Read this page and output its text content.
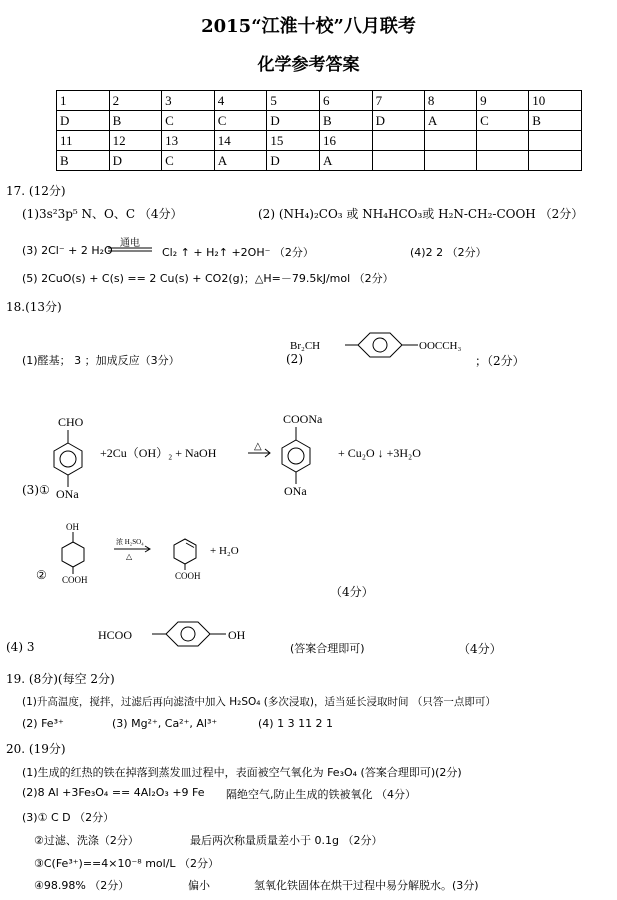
2015“江淮十校”八月联考
化学参考答案
1	2	3	4	5	6	7	8	9	10
D	B	C	C	D	B	D	A	C	B
11	12	13	14	15	16				
B	D	C	A	D	A				
17. (12分)
(1)3s²3p⁵ N、O、C （4分）	(2) (NH₄)₂CO₃ 或 NH₄HCO₃或 H₂N-CH₂-COOH （2分）
(3) 2Cl⁻ + 2 H₂O
通电
Cl₂ ↑ + H₂↑ +2OH⁻ （2分）	(4)2 2 （2分）
(5) 2CuO(s) + C(s) == 2 Cu(s) + CO2(g)；△H=－79.5kJ/mol （2分）
18.(13分)
(1)醛基； 3 ；加成反应（3分）	(2)
Br₂CH	OOCCH₃
CHO
ONa
+2Cu（OH）₂ + NaOH	△
COONa
ONa
+ Cu₂O ↓ +3H₂O
OH
COOH
浓 H₂SO₄
△
COOH
+ H₂O
HCOO	OH
；（2分）
(3)①
②
（4分）
(4) 3	(答案合理即可)	（4分）
19. (8分)(每空 2分)
(1)升高温度，搅拌，过滤后再向滤渣中加入 H₂SO₄ (多次浸取)，适当延长浸取时间 （只答一点即可）
(2) Fe³⁺	(3) Mg²⁺, Ca²⁺, Al³⁺	(4) 1 3 11 2 1
20. (19分)
(1)生成的红热的铁在掉落到蒸发皿过程中，表面被空气氧化为 Fe₃O₄ (答案合理即可)(2分)
(2)8 Al +3Fe₃O₄ == 4Al₂O₃ +9 Fe 隔绝空气,防止生成的铁被氧化 （4分）
(3)① C D （2分）
②过滤、洗涤（2分）	最后两次称量质量差小于 0.1g （2分）
③C(Fe³⁺)==4×10⁻⁸ mol/L （2分）
④98.98% （2分）	偏小	氢氧化铁固体在烘干过程中易分解脱水。(3分)
